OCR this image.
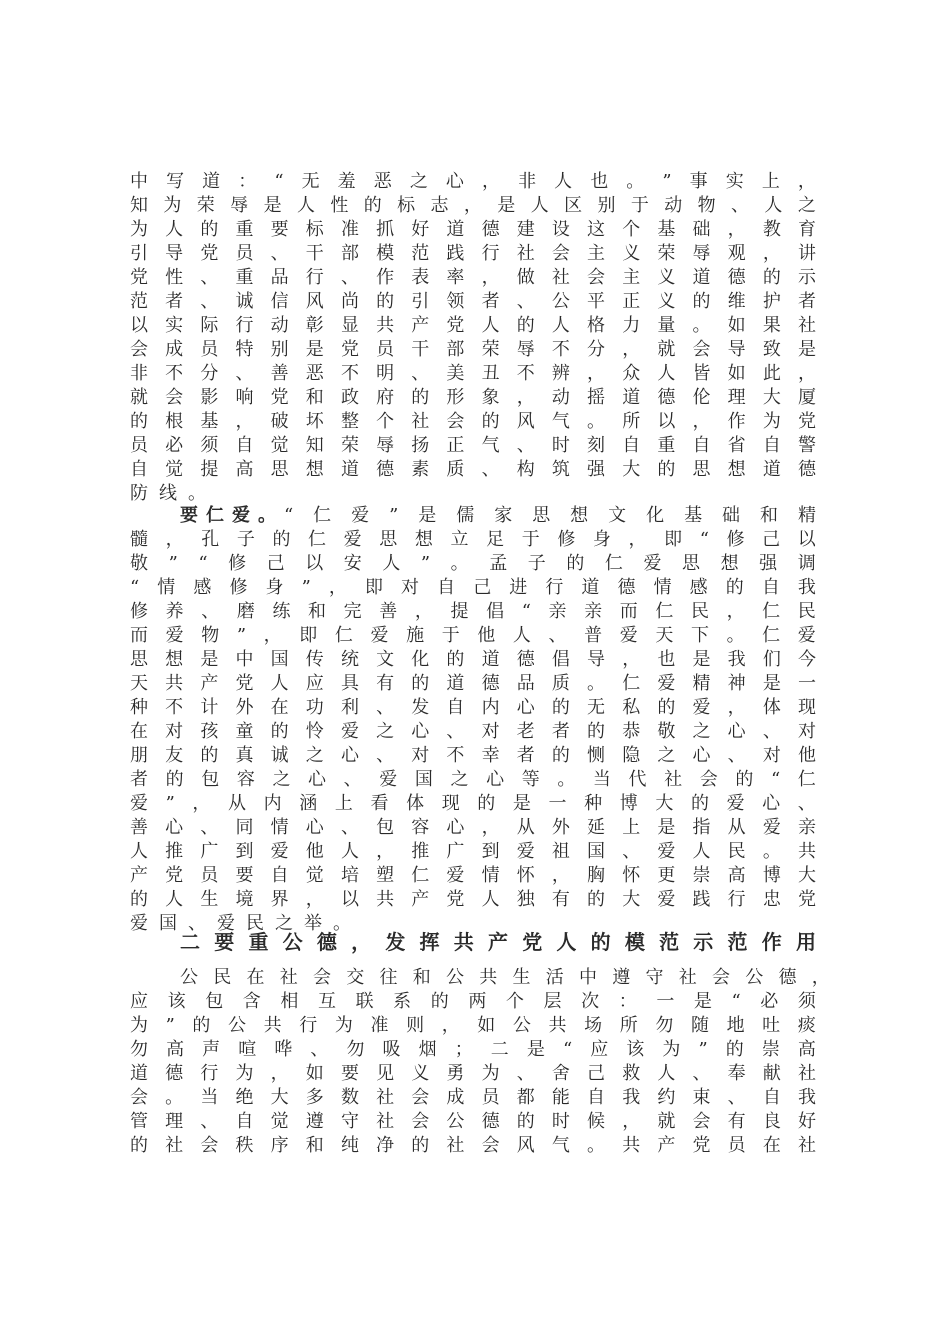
中 写 道 ： “ 无 羞 恶 之 心 ， 非 人 也 。 ” 事 实 上 ，
知 为 荣 辱 是 人 性 的 标 志 ， 是 人 区 别 于 动 物 、 人 之
为 人 的 重 要 标 准 抓 好 道 德 建 设 这 个 基 础 ， 教 育
引 导 党 员 、 干 部 模 范 践 行 社 会 主 义 荣 辱 观 ， 讲
党 性 、 重 品 行 、 作 表 率 ， 做 社 会 主 义 道 德 的 示
范 者 、 诚 信 风 尚 的 引 领 者 、 公 平 正 义 的 维 护 者
以 实 际 行 动 彰 显 共 产 党 人 的 人 格 力 量 。 如 果 社
会 成 员 特 别 是 党 员 干 部 荣 辱 不 分 ， 就 会 导 致 是
非 不 分 、 善 恶 不 明 、 美 丑 不 辨 ， 众 人 皆 如 此 ，
就 会 影 响 党 和 政 府 的 形 象 ， 动 摇 道 德 伦 理 大 厦
的 根 基 ， 破 坏 整 个 社 会 的 风 气 。 所 以 ， 作 为 党
员 必 须 自 觉 知 荣 辱 扬 正 气 、 时 刻 自 重 自 省 自 警
自 觉 提 高 思 想 道 德 素 质 、 构 筑 强 大 的 思 想 道 德
防 线 。
要仁爱。 “ 仁 爱 ” 是 儒 家 思 想 文 化 基 础 和 精
髓 ， 孔 子 的 仁 爱 思 想 立 足 于 修 身 ， 即 “ 修 己 以
敬 ” “ 修 己 以 安 人 ” 。 孟 子 的 仁 爱 思 想 强 调
“ 情 感 修 身 ” ， 即 对 自 己 进 行 道 德 情 感 的 自 我
修 养 、 磨 练 和 完 善 ， 提 倡 “ 亲 亲 而 仁 民 ， 仁 民
而 爱 物 ” ， 即 仁 爱 施 于 他 人 、 普 爱 天 下 。 仁 爱
思 想 是 中 国 传 统 文 化 的 道 德 倡 导 ， 也 是 我 们 今
天 共 产 党 人 应 具 有 的 道 德 品 质 。 仁 爱 精 神 是 一
种 不 计 外 在 功 利 、 发 自 内 心 的 无 私 的 爱 ， 体 现
在 对 孩 童 的 怜 爱 之 心 、 对 老 者 的 恭 敬 之 心 、 对
朋 友 的 真 诚 之 心 、 对 不 幸 者 的 恻 隐 之 心 、 对 他
者 的 包 容 之 心 、 爱 国 之 心 等 。 当 代 社 会 的 “ 仁
爱 ” ， 从 内 涵 上 看 体 现 的 是 一 种 博 大 的 爱 心 、
善 心 、 同 情 心 、 包 容 心 ， 从 外 延 上 是 指 从 爱 亲
人 推 广 到 爱 他 人 ， 推 广 到 爱 祖 国 、 爱 人 民 。 共
产 党 员 要 自 觉 培 塑 仁 爱 情 怀 ， 胸 怀 更 崇 高 博 大
的 人 生 境 界 ， 以 共 产 党 人 独 有 的 大 爱 践 行 忠 党
爱 国 、 爱 民 之 举 。
二 要 重 公 德 ， 发 挥 共 产 党 人 的 模 范 示 范 作 用
公 民 在 社 会 交 往 和 公 共 生 活 中 遵 守 社 会 公 德 ，
应 该 包 含 相 互 联 系 的 两 个 层 次 ： 一 是 “ 必 须
为 ” 的 公 共 行 为 准 则 ， 如 公 共 场 所 勿 随 地 吐 痰
勿 高 声 喧 哗 、 勿 吸 烟 ； 二 是 “ 应 该 为 ” 的 崇 高
道 德 行 为 ， 如 要 见 义 勇 为 、 舍 己 救 人 、 奉 献 社
会 。 当 绝 大 多 数 社 会 成 员 都 能 自 我 约 束 、 自 我
管 理 、 自 觉 遵 守 社 会 公 德 的 时 候 ， 就 会 有 良 好
的 社 会 秩 序 和 纯 净 的 社 会 风 气 。 共 产 党 员 在 社
